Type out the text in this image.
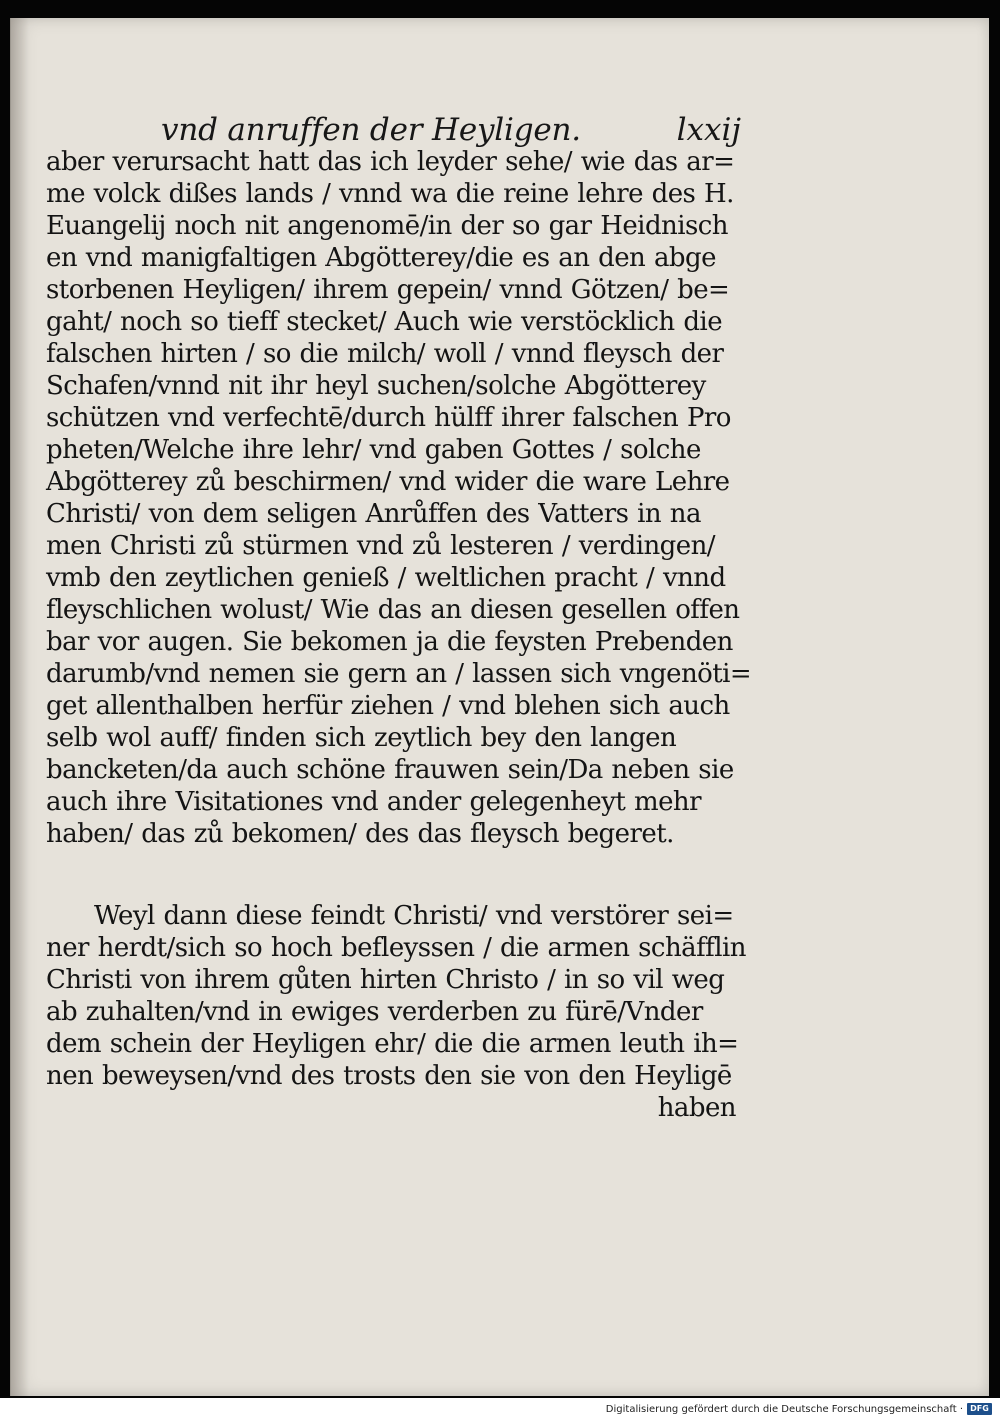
vnd anruffen der Heyligen.	lxxij
aber verursacht hatt das ich leyder sehe/ wie das ar=
me volck dißes lands / vnnd wa die reine lehre des H.
Euangelij noch nit angenomē/in der so gar Heidnisch
en vnd manigfaltigen Abgötterey/die es an den abge
storbenen Heyligen/ ihrem gepein/ vnnd Götzen/ be=
gaht/ noch so tieff stecket/ Auch wie verstöcklich die
falschen hirten / so die milch/ woll / vnnd fleysch der
Schafen/vnnd nit ihr heyl suchen/solche Abgötterey
schützen vnd verfechtē/durch hülff ihrer falschen Pro
pheten/Welche ihre lehr/ vnd gaben Gottes / solche
Abgötterey zů beschirmen/ vnd wider die ware Lehre
Christi/ von dem seligen Anrůffen des Vatters in na
men Christi zů stürmen vnd zů lesteren / verdingen/
vmb den zeytlichen genieß / weltlichen pracht / vnnd
fleyschlichen wolust/ Wie das an diesen gesellen offen
bar vor augen. Sie bekomen ja die feysten Prebenden
darumb/vnd nemen sie gern an / lassen sich vngenöti=
get allenthalben herfür ziehen / vnd blehen sich auch
selb wol auff/ finden sich zeytlich bey den langen
bancketen/da auch schöne frauwen sein/Da neben sie
auch ihre Visitationes vnd ander gelegenheyt mehr
haben/ das zů bekomen/ des das fleysch begeret.
Weyl dann diese feindt Christi/ vnd verstörer sei=
ner herdt/sich so hoch befleyssen / die armen schäfflin
Christi von ihrem gůten hirten Christo / in so vil weg
ab zuhalten/vnd in ewiges verderben zu fürē/Vnder
dem schein der Heyligen ehr/ die die armen leuth ih=
nen beweysen/vnd des trosts den sie von den Heyligē
haben
Digitalisierung gefördert durch die Deutsche Forschungsgemeinschaft · DFG
